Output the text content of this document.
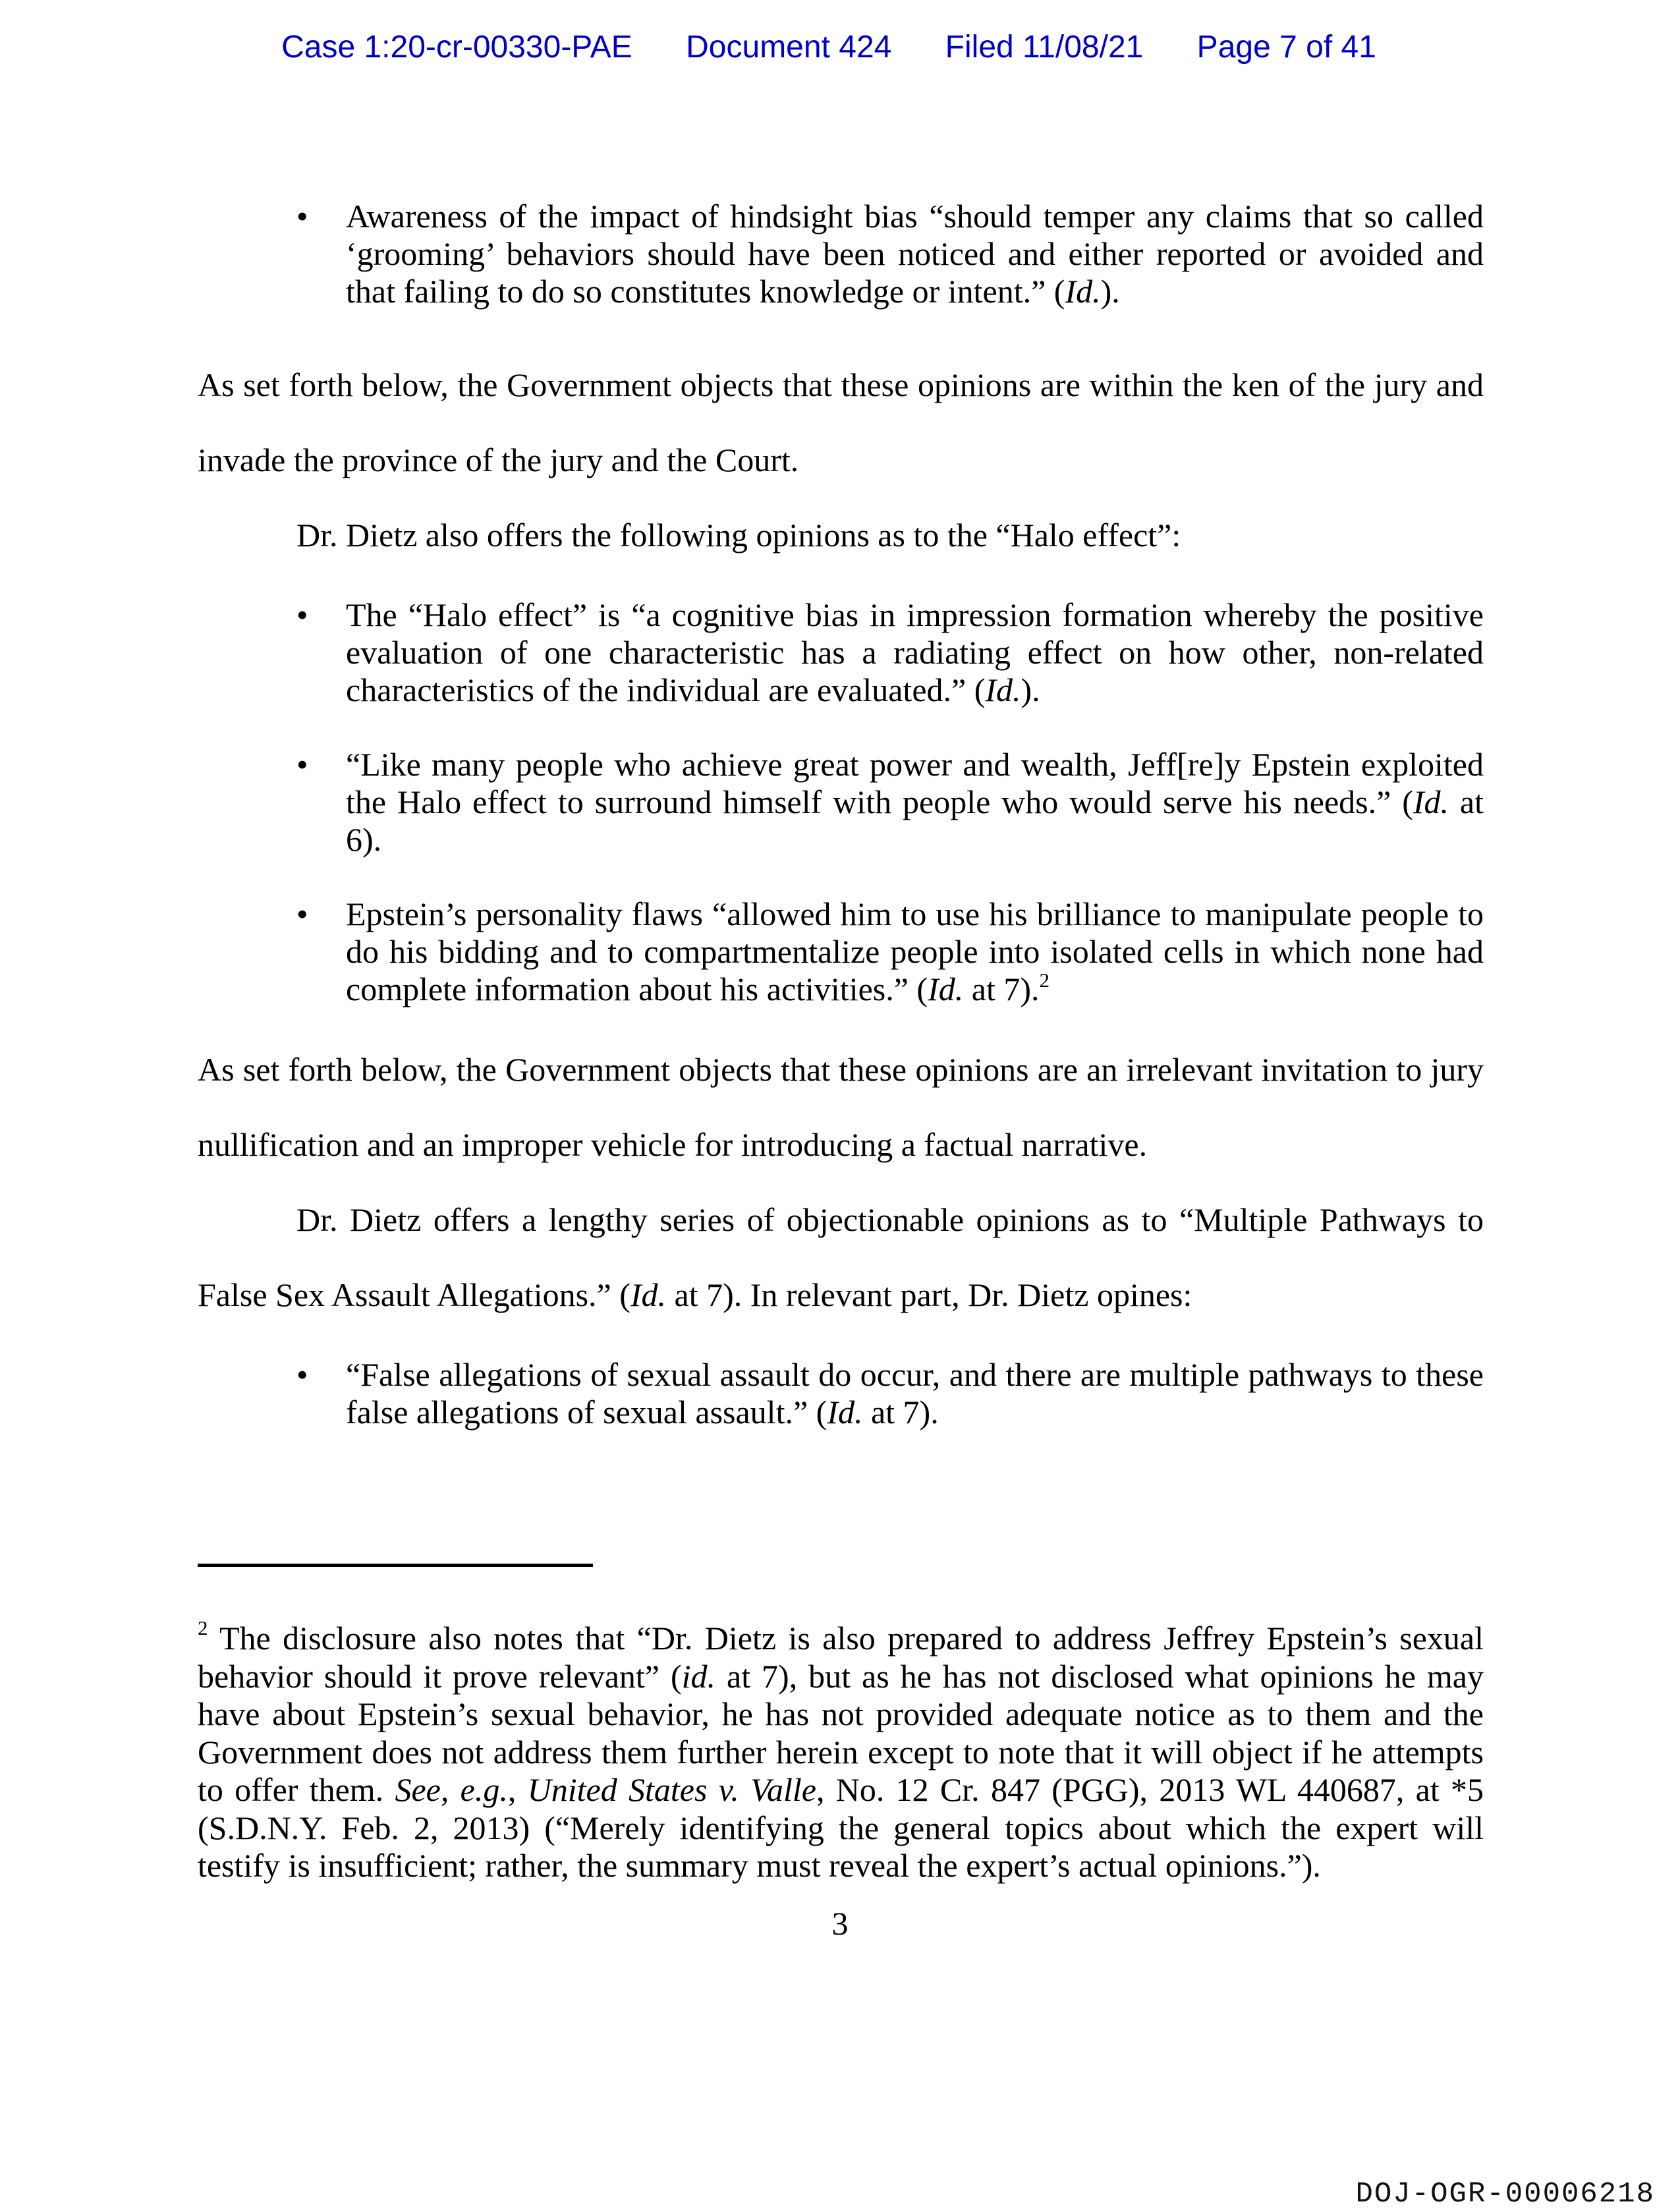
Case 1:20-cr-00330-PAE Document 424 Filed 11/08/21 Page 7 of 41
• Awareness of the impact of hindsight bias “should temper any claims that so called ‘grooming’ behaviors should have been noticed and either reported or avoided and that failing to do so constitutes knowledge or intent.” (Id.).

As set forth below, the Government objects that these opinions are within the ken of the jury and invade the province of the jury and the Court.

Dr. Dietz also offers the following opinions as to the “Halo effect”:

• The “Halo effect” is “a cognitive bias in impression formation whereby the positive evaluation of one characteristic has a radiating effect on how other, non-related characteristics of the individual are evaluated.” (Id.).
• “Like many people who achieve great power and wealth, Jeff[re]y Epstein exploited the Halo effect to surround himself with people who would serve his needs.” (Id. at 6).
• Epstein’s personality flaws “allowed him to use his brilliance to manipulate people to do his bidding and to compartmentalize people into isolated cells in which none had complete information about his activities.” (Id. at 7).$^2$

As set forth below, the Government objects that these opinions are an irrelevant invitation to jury nullification and an improper vehicle for introducing a factual narrative.

Dr. Dietz offers a lengthy series of objectionable opinions as to “Multiple Pathways to False Sex Assault Allegations.” (Id. at 7). In relevant part, Dr. Dietz opines:

• “False allegations of sexual assault do occur, and there are multiple pathways to these false allegations of sexual assault.” (Id. at 7).
$^2$ The disclosure also notes that “Dr. Dietz is also prepared to address Jeffrey Epstein’s sexual behavior should it prove relevant” (id. at 7), but as he has not disclosed what opinions he may have about Epstein’s sexual behavior, he has not provided adequate notice as to them and the Government does not address them further herein except to note that it will object if he attempts to offer them. See, e.g., United States v. Valle, No. 12 Cr. 847 (PGG), 2013 WL 440687, at *5 (S.D.N.Y. Feb. 2, 2013) (“Merely identifying the general topics about which the expert will testify is insufficient; rather, the summary must reveal the expert’s actual opinions.”).
3
DOJ-OGR-00006218
